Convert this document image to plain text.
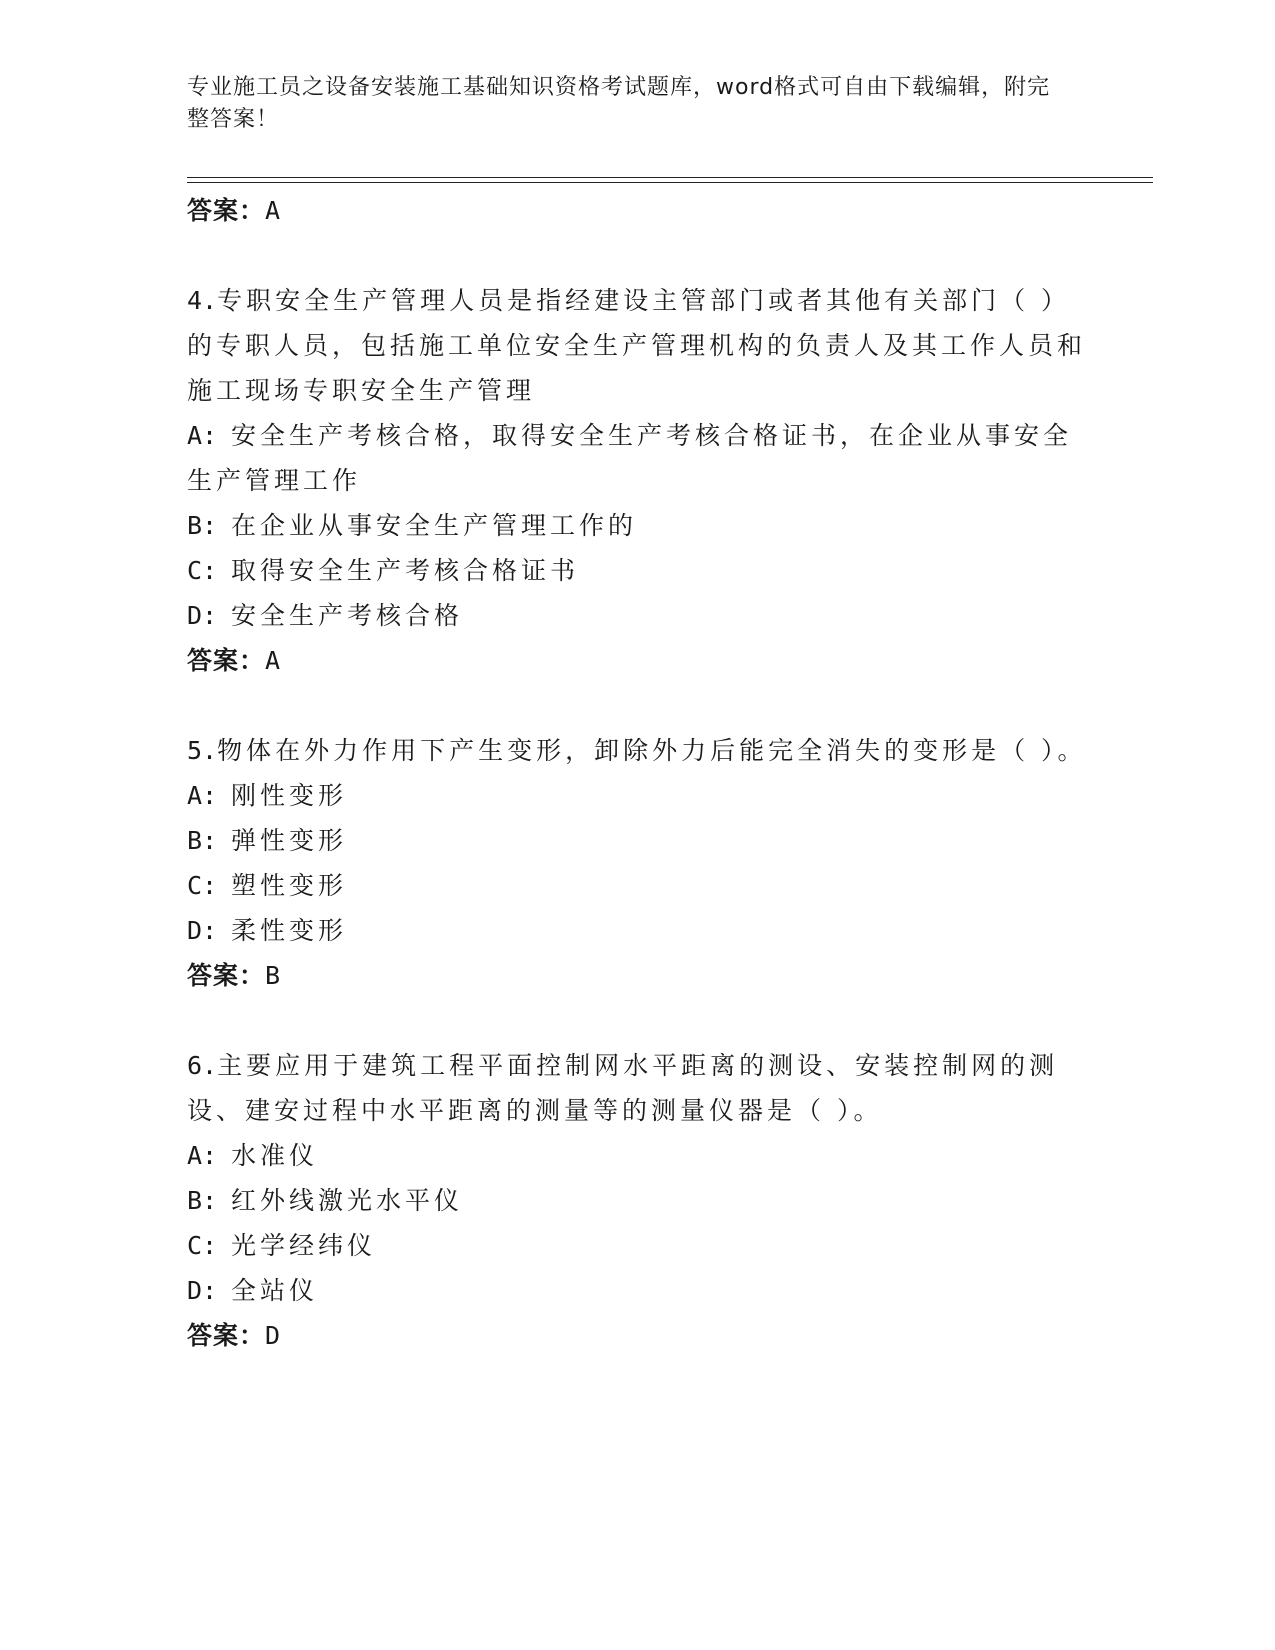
专业施工员之设备安装施工基础知识资格考试题库，word格式可自由下载编辑，附完整答案！

答案：A

4.专职安全生产管理人员是指经建设主管部门或者其他有关部门（ ）的专职人员，包括施工单位安全生产管理机构的负责人及其工作人员和施工现场专职安全生产管理

A: 安全生产考核合格，取得安全生产考核合格证书，在企业从事安全生产管理工作

B: 在企业从事安全生产管理工作的

C: 取得安全生产考核合格证书

D: 安全生产考核合格

答案：A

5.物体在外力作用下产生变形，卸除外力后能完全消失的变形是（ ）。

A: 刚性变形

B: 弹性变形

C: 塑性变形

D: 柔性变形

答案：B

6.主要应用于建筑工程平面控制网水平距离的测设、安装控制网的测设、建安过程中水平距离的测量等的测量仪器是（ ）。

A: 水准仪

B: 红外线激光水平仪

C: 光学经纬仪

D: 全站仪

答案：D
